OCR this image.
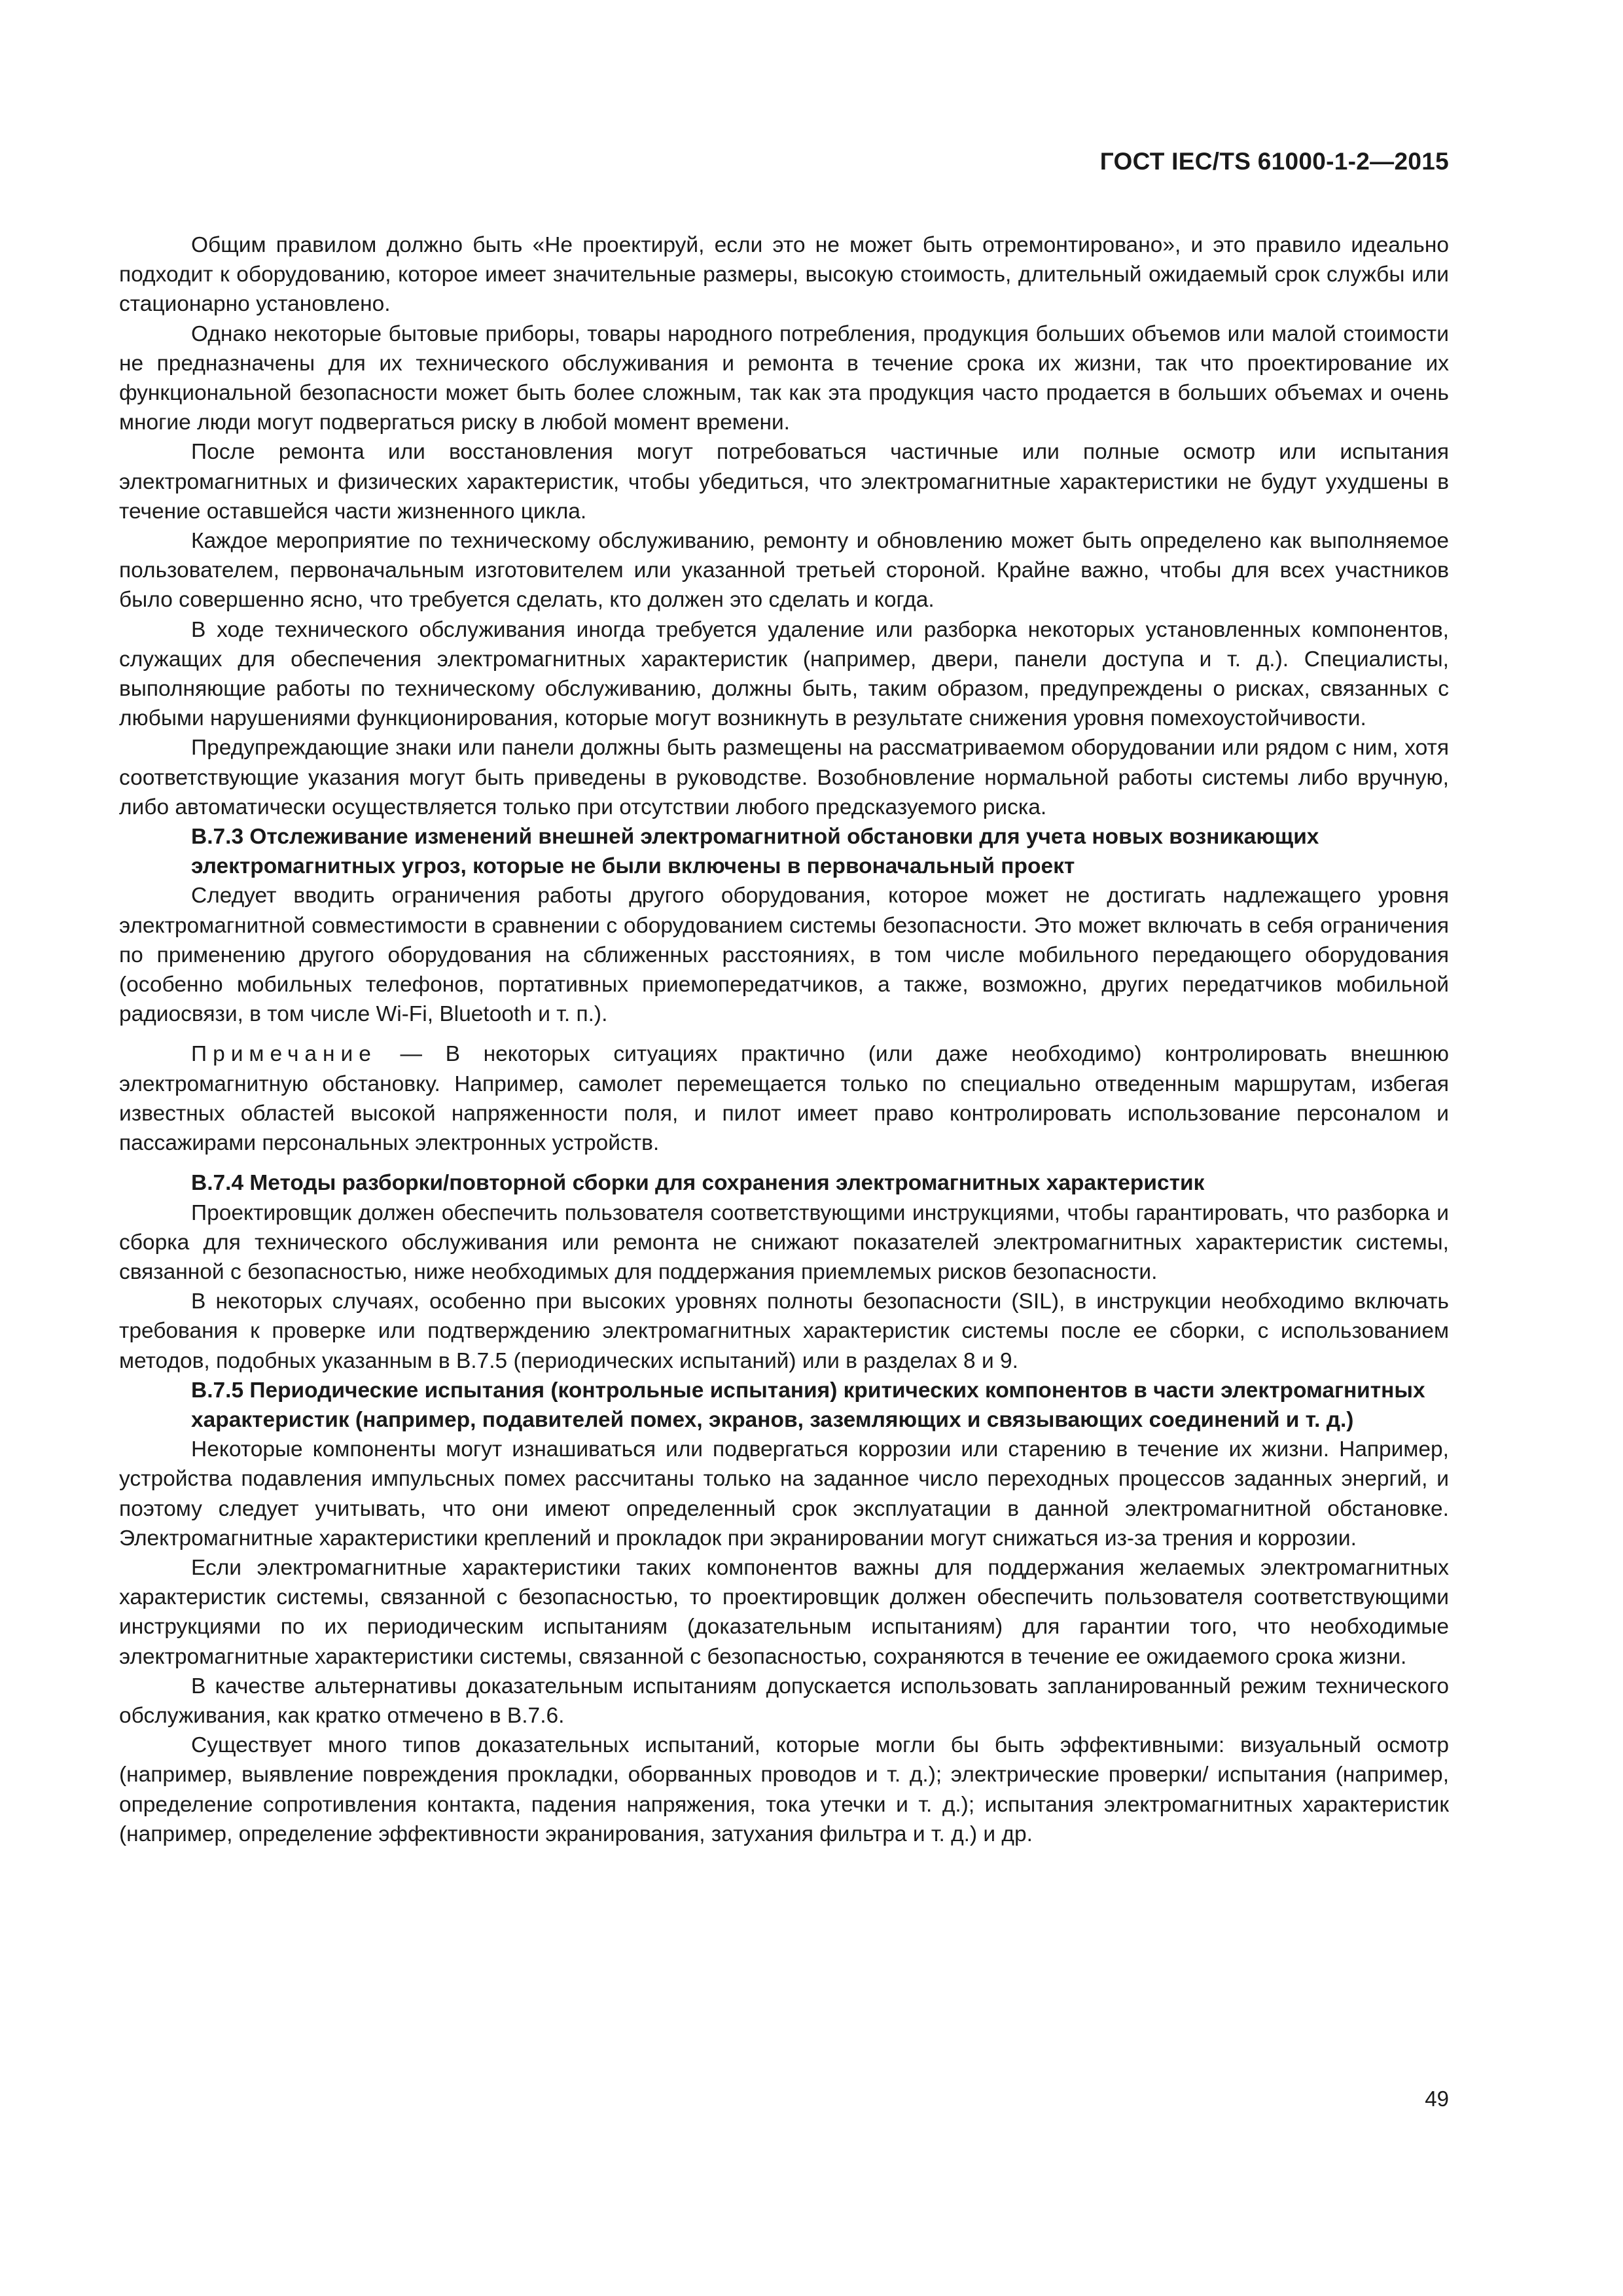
ГОСТ IEC/TS 61000-1-2—2015

Общим правилом должно быть «Не проектируй, если это не может быть отремонтировано», и это правило идеально подходит к оборудованию, которое имеет значительные размеры, высокую стоимость, длительный ожидаемый срок службы или стационарно установлено.

Однако некоторые бытовые приборы, товары народного потребления, продукция больших объемов или малой стоимости не предназначены для их технического обслуживания и ремонта в течение срока их жизни, так что проектирование их функциональной безопасности может быть более сложным, так как эта продукция часто продается в больших объемах и очень многие люди могут подвергаться риску в любой момент времени.

После ремонта или восстановления могут потребоваться частичные или полные осмотр или испытания электромагнитных и физических характеристик, чтобы убедиться, что электромагнитные характеристики не будут ухудшены в течение оставшейся части жизненного цикла.

Каждое мероприятие по техническому обслуживанию, ремонту и обновлению может быть определено как выполняемое пользователем, первоначальным изготовителем или указанной третьей стороной. Крайне важно, чтобы для всех участников было совершенно ясно, что требуется сделать, кто должен это сделать и когда.

В ходе технического обслуживания иногда требуется удаление или разборка некоторых установленных компонентов, служащих для обеспечения электромагнитных характеристик (например, двери, панели доступа и т. д.). Специалисты, выполняющие работы по техническому обслуживанию, должны быть, таким образом, предупреждены о рисках, связанных с любыми нарушениями функционирования, которые могут возникнуть в результате снижения уровня помехоустойчивости.

Предупреждающие знаки или панели должны быть размещены на рассматриваемом оборудовании или рядом с ним, хотя соответствующие указания могут быть приведены в руководстве. Возобновление нормальной работы системы либо вручную, либо автоматически осуществляется только при отсутствии любого предсказуемого риска.

В.7.3 Отслеживание изменений внешней электромагнитной обстановки для учета новых возникающих электромагнитных угроз, которые не были включены в первоначальный проект

Следует вводить ограничения работы другого оборудования, которое может не достигать надлежащего уровня электромагнитной совместимости в сравнении с оборудованием системы безопасности. Это может включать в себя ограничения по применению другого оборудования на сближенных расстояниях, в том числе мобильного передающего оборудования (особенно мобильных телефонов, портативных приемопередатчиков, а также, возможно, других передатчиков мобильной радиосвязи, в том числе Wi-Fi, Bluetooth и т. п.).

Примечание — В некоторых ситуациях практично (или даже необходимо) контролировать внешнюю электромагнитную обстановку. Например, самолет перемещается только по специально отведенным маршрутам, избегая известных областей высокой напряженности поля, и пилот имеет право контролировать использование персоналом и пассажирами персональных электронных устройств.

В.7.4 Методы разборки/повторной сборки для сохранения электромагнитных характеристик

Проектировщик должен обеспечить пользователя соответствующими инструкциями, чтобы гарантировать, что разборка и сборка для технического обслуживания или ремонта не снижают показателей электромагнитных характеристик системы, связанной с безопасностью, ниже необходимых для поддержания приемлемых рисков безопасности.

В некоторых случаях, особенно при высоких уровнях полноты безопасности (SIL), в инструкции необходимо включать требования к проверке или подтверждению электромагнитных характеристик системы после ее сборки, с использованием методов, подобных указанным в В.7.5 (периодических испытаний) или в разделах 8 и 9.

В.7.5 Периодические испытания (контрольные испытания) критических компонентов в части электромагнитных характеристик (например, подавителей помех, экранов, заземляющих и связывающих соединений и т. д.)

Некоторые компоненты могут изнашиваться или подвергаться коррозии или старению в течение их жизни. Например, устройства подавления импульсных помех рассчитаны только на заданное число переходных процессов заданных энергий, и поэтому следует учитывать, что они имеют определенный срок эксплуатации в данной электромагнитной обстановке. Электромагнитные характеристики креплений и прокладок при экранировании могут снижаться из-за трения и коррозии.

Если электромагнитные характеристики таких компонентов важны для поддержания желаемых электромагнитных характеристик системы, связанной с безопасностью, то проектировщик должен обеспечить пользователя соответствующими инструкциями по их периодическим испытаниям (доказательным испытаниям) для гарантии того, что необходимые электромагнитные характеристики системы, связанной с безопасностью, сохраняются в течение ее ожидаемого срока жизни.

В качестве альтернативы доказательным испытаниям допускается использовать запланированный режим технического обслуживания, как кратко отмечено в В.7.6.

Существует много типов доказательных испытаний, которые могли бы быть эффективными: визуальный осмотр (например, выявление повреждения прокладки, оборванных проводов и т. д.); электрические проверки/ испытания (например, определение сопротивления контакта, падения напряжения, тока утечки и т. д.); испытания электромагнитных характеристик (например, определение эффективности экранирования, затухания фильтра и т. д.) и др.

49
